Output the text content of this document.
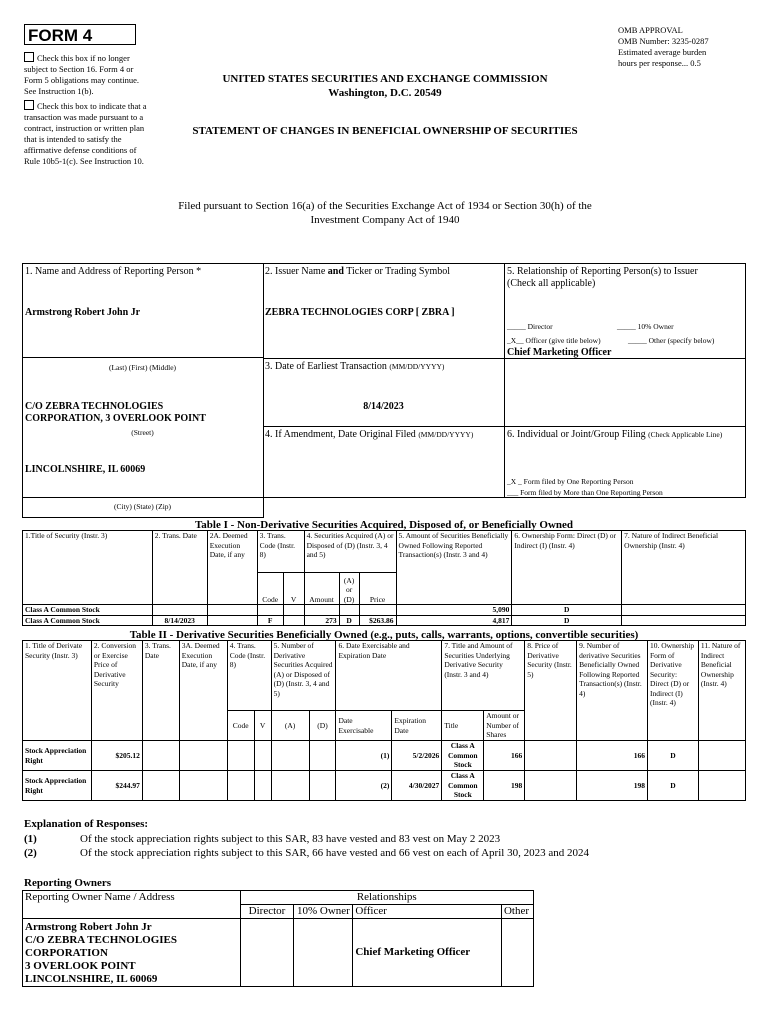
FORM 4
Check this box if no longer subject to Section 16. Form 4 or Form 5 obligations may continue. See Instruction 1(b).
Check this box to indicate that a transaction was made pursuant to a contract, instruction or written plan that is intended to satisfy the affirmative defense conditions of Rule 10b5-1(c). See Instruction 10.
UNITED STATES SECURITIES AND EXCHANGE COMMISSION
Washington, D.C. 20549
OMB APPROVAL
OMB Number: 3235-0287
Estimated average burden
hours per response... 0.5
STATEMENT OF CHANGES IN BENEFICIAL OWNERSHIP OF SECURITIES
Filed pursuant to Section 16(a) of the Securities Exchange Act of 1934 or Section 30(h) of the
Investment Company Act of 1940
1. Name and Address of Reporting Person *
Armstrong Robert John Jr
(Last) (First) (Middle)
C/O ZEBRA TECHNOLOGIES
CORPORATION, 3 OVERLOOK POINT
(Street)
LINCOLNSHIRE, IL 60069
(City) (State) (Zip)
2. Issuer Name and Ticker or Trading Symbol
ZEBRA TECHNOLOGIES CORP [ ZBRA ]
3. Date of Earliest Transaction (MM/DD/YYYY)
8/14/2023
4. If Amendment, Date Original Filed (MM/DD/YYYY)
5. Relationship of Reporting Person(s) to Issuer
(Check all applicable)
_____ Director	_____ 10% Owner
_X__ Officer (give title below)	_____ Other (specify below)
Chief Marketing Officer
6. Individual or Joint/Group Filing (Check Applicable Line)
_X _ Form filed by One Reporting Person
___ Form filed by More than One Reporting Person
Table I - Non-Derivative Securities Acquired, Disposed of, or Beneficially Owned
1.Title of Security (Instr. 3)	2. Trans. Date	2A. Deemed Execution Date, if any	3. Trans. Code (Instr. 8)		4. Securities Acquired (A) or Disposed of (D) (Instr. 3, 4 and 5)			5. Amount of Securities Beneficially Owned Following Reported Transaction(s) (Instr. 3 and 4)	6. Ownership Form: Direct (D) or Indirect (I) (Instr. 4)	7. Nature of Indirect Beneficial Ownership (Instr. 4)
			Code	V	Amount	(A) or (D)	Price			
Class A Common Stock								5,090	D	
Class A Common Stock	8/14/2023		F		273	D	$263.86	4,817	D	
Table II - Derivative Securities Beneficially Owned (e.g., puts, calls, warrants, options, convertible securities)
1. Title of Derivate Security (Instr. 3)	2. Conversion or Exercise Price of Derivative Security	3. Trans. Date	3A. Deemed Execution Date, if any	4. Trans. Code (Instr. 8)		5. Number of Derivative Securities Acquired (A) or Disposed of (D) (Instr. 3, 4 and 5)		6. Date Exercisable and Expiration Date		7. Title and Amount of Securities Underlying Derivative Security (Instr. 3 and 4)		8. Price of Derivative Security (Instr. 5)	9. Number of derivative Securities Beneficially Owned Following Reported Transaction(s) (Instr. 4)	10. Ownership Form of Derivative Security: Direct (D) or Indirect (I) (Instr. 4)	11. Nature of Indirect Beneficial Ownership (Instr. 4)
				Code	V	(A)	(D)	Date Exercisable	Expiration Date	Title	Amount or Number of Shares				
Stock Appreciation Right	$205.12							(1)	5/2/2026	Class A Common Stock	166		166	D	
Stock Appreciation Right	$244.97							(2)	4/30/2027	Class A Common Stock	198		198	D	
Explanation of Responses:
(1)	Of the stock appreciation rights subject to this SAR, 83 have vested and 83 vest on May 2 2023
(2)	Of the stock appreciation rights subject to this SAR, 66 have vested and 66 vest on each of April 30, 2023 and 2024
Reporting Owners
Reporting Owner Name / Address	Relationships			
	Director	10% Owner	Officer	Other

Armstrong Robert John Jr
C/O ZEBRA TECHNOLOGIES
CORPORATION
3 OVERLOOK POINT
LINCOLNSHIRE, IL 60069			Chief Marketing Officer	
